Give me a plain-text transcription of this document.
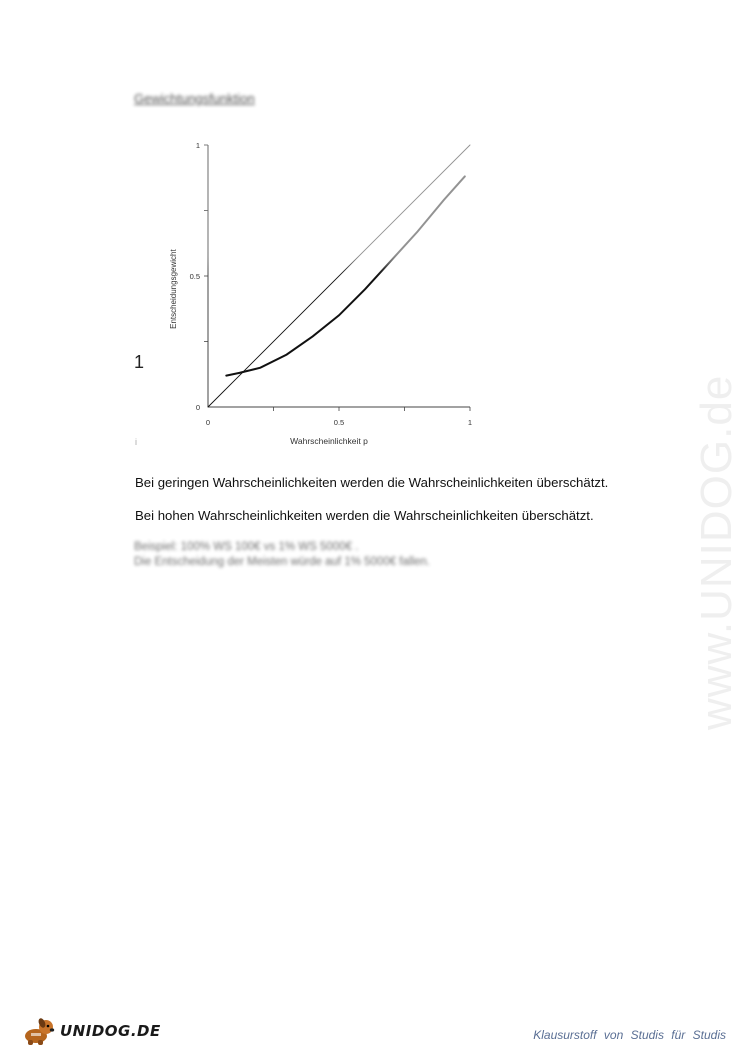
Gewichtungsfunktion
0	0.5	1
0
0.5
1
Entscheidungsgewicht
Wahrscheinlichkeit p
1
i
Bei geringen Wahrscheinlichkeiten werden die Wahrscheinlichkeiten überschätzt.
Bei hohen Wahrscheinlichkeiten werden die Wahrscheinlichkeiten überschätzt.
Beispiel: 100% WS 100€ vs 1% WS 5000€ .
Die Entscheidung der Meisten würde auf 1% 5000€ fallen.	www.UNIDOG.de
UNIDOG.DE	Klausurstoff von Studis für Studis
